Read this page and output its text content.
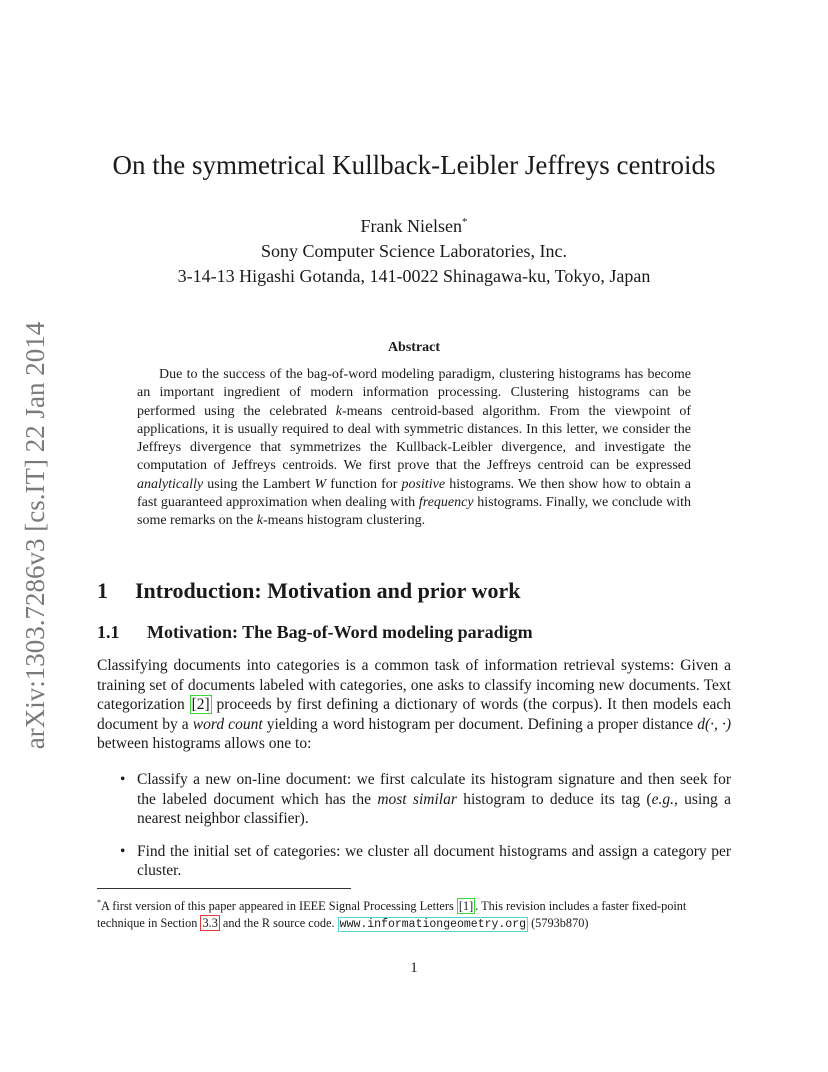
arXiv:1303.7286v3 [cs.IT] 22 Jan 2014
On the symmetrical Kullback-Leibler Jeffreys centroids
Frank Nielsen*
Sony Computer Science Laboratories, Inc.
3-14-13 Higashi Gotanda, 141-0022 Shinagawa-ku, Tokyo, Japan
Abstract
Due to the success of the bag-of-word modeling paradigm, clustering histograms has become an important ingredient of modern information processing. Clustering histograms can be performed using the celebrated k-means centroid-based algorithm. From the viewpoint of applications, it is usually required to deal with symmetric distances. In this letter, we consider the Jeffreys divergence that symmetrizes the Kullback-Leibler divergence, and investigate the computation of Jeffreys centroids. We first prove that the Jeffreys centroid can be expressed analytically using the Lambert W function for positive histograms. We then show how to obtain a fast guaranteed approximation when dealing with frequency histograms. Finally, we conclude with some remarks on the k-means histogram clustering.
1 Introduction: Motivation and prior work
1.1 Motivation: The Bag-of-Word modeling paradigm
Classifying documents into categories is a common task of information retrieval systems: Given a training set of documents labeled with categories, one asks to classify incoming new documents. Text categorization [2] proceeds by first defining a dictionary of words (the corpus). It then models each document by a word count yielding a word histogram per document. Defining a proper distance d(·, ·) between histograms allows one to:
• Classify a new on-line document: we first calculate its histogram signature and then seek for the labeled document which has the most similar histogram to deduce its tag (e.g., using a nearest neighbor classifier).
• Find the initial set of categories: we cluster all document histograms and assign a category per cluster.
*A first version of this paper appeared in IEEE Signal Processing Letters [1] . This revision includes a faster fixed-point technique in Section 3.3 and the R source code. www.informationgeometry.org (5793b870)
1
